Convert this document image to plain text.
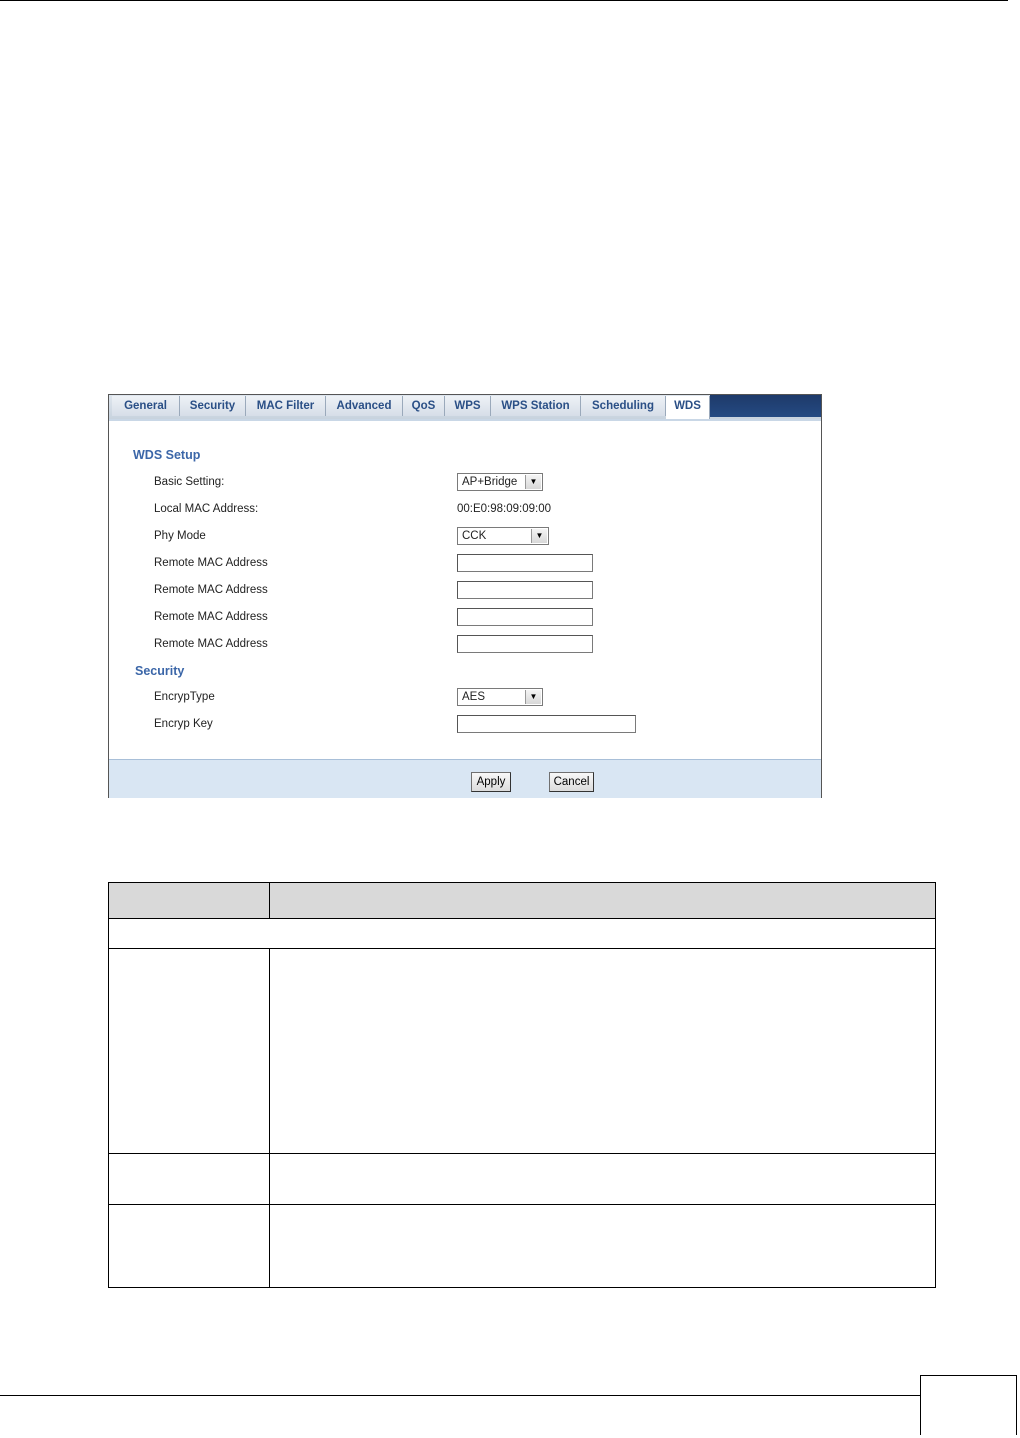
General	Security	MAC Filter	Advanced	QoS	WPS	WPS Station	Scheduling	WDS
WDS Setup
Basic Setting:	AP+Bridge	▼
Local MAC Address:	00:E0:98:09:09:00
Phy Mode	CCK	▼
Remote MAC Address
Remote MAC Address
Remote MAC Address
Remote MAC Address
Security
EncrypType	AES	▼
Encryp Key
Apply	Cancel
